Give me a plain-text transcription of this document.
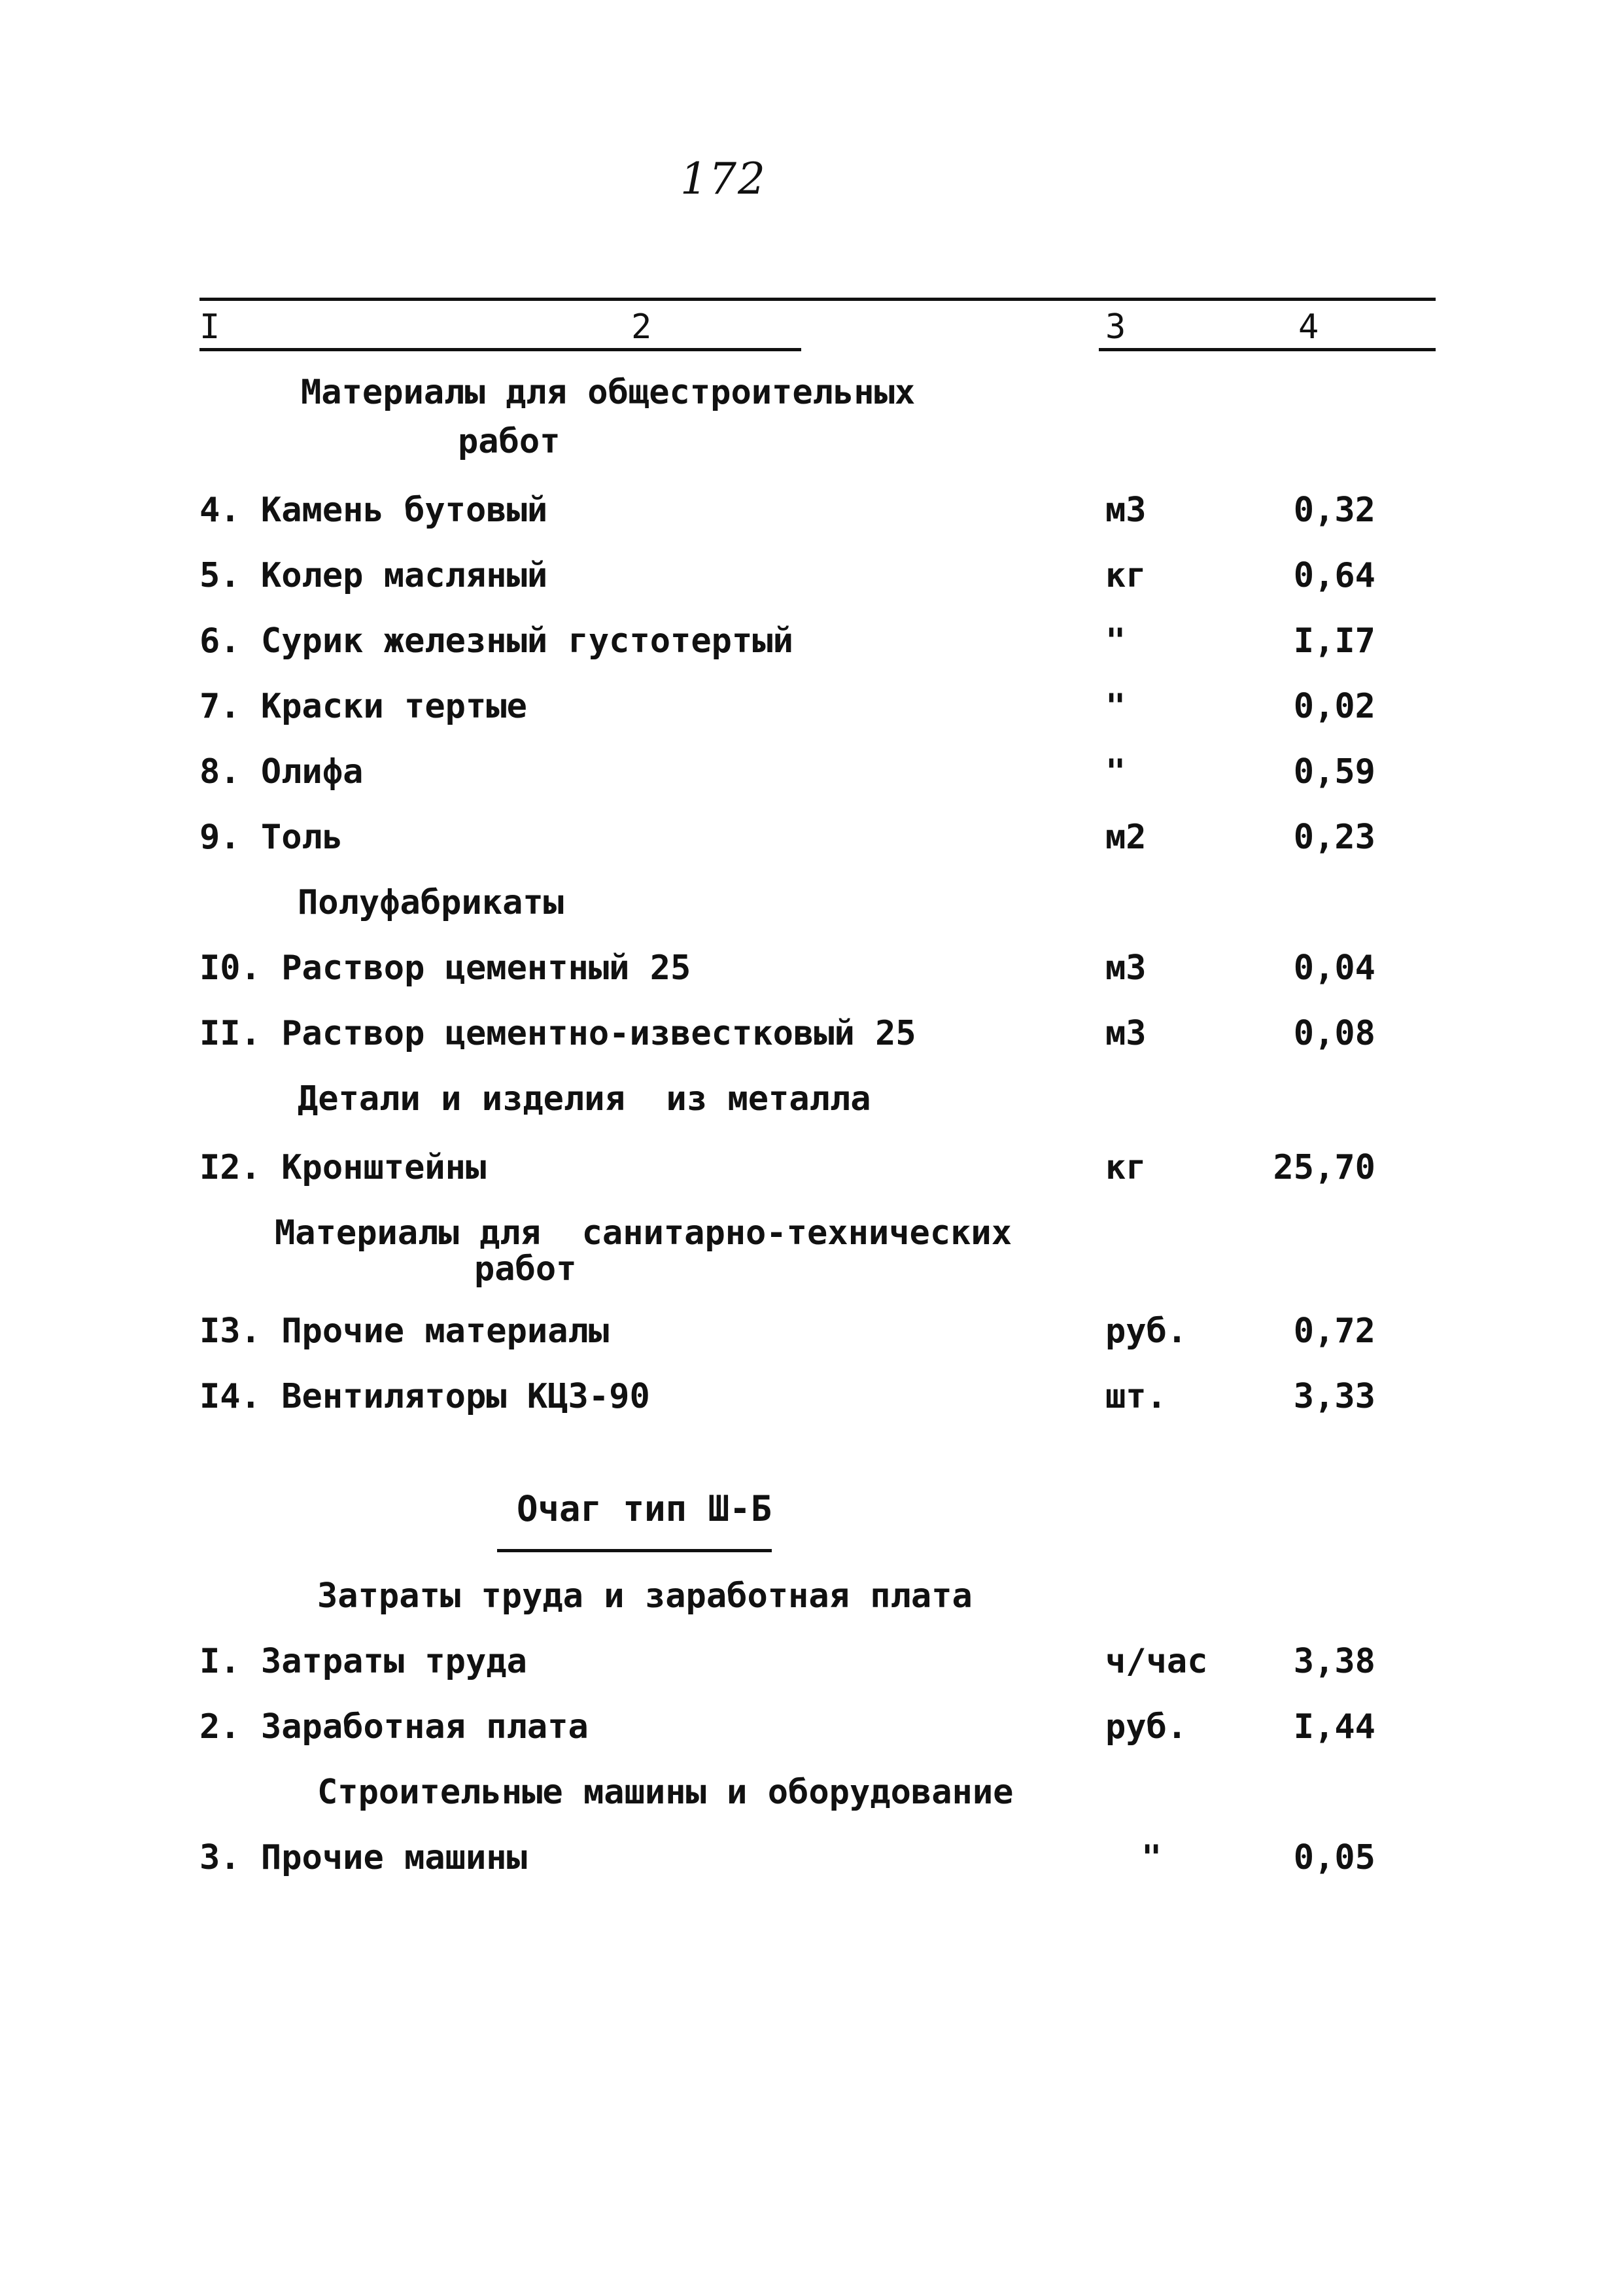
172
I	2	3	4
Материалы для общестроительных
работ
4. Камень бутовый	м3	0,32
5. Колер масляный	кг	0,64
6. Сурик железный густотертый	"	I,I7
7. Краски тертые	"	0,02
8. Олифа	"	0,59
9. Толь	м2	0,23
Полуфабрикаты
I0. Раствор цементный 25	м3	0,04
II. Раствор цементно-известковый 25	м3	0,08
Детали и изделия  из металла
I2. Кронштейны	кг	25,70
Материалы для  санитарно-технических
работ
I3. Прочие материалы	руб.	0,72
I4. Вентиляторы КЦЗ-90	шт.	3,33
Очаг тип Ш-Б
Затраты труда и заработная плата
I. Затраты труда	ч/час	3,38
2. Заработная плата	руб.	I,44
Строительные машины и оборудование
3. Прочие машины	"	0,05
